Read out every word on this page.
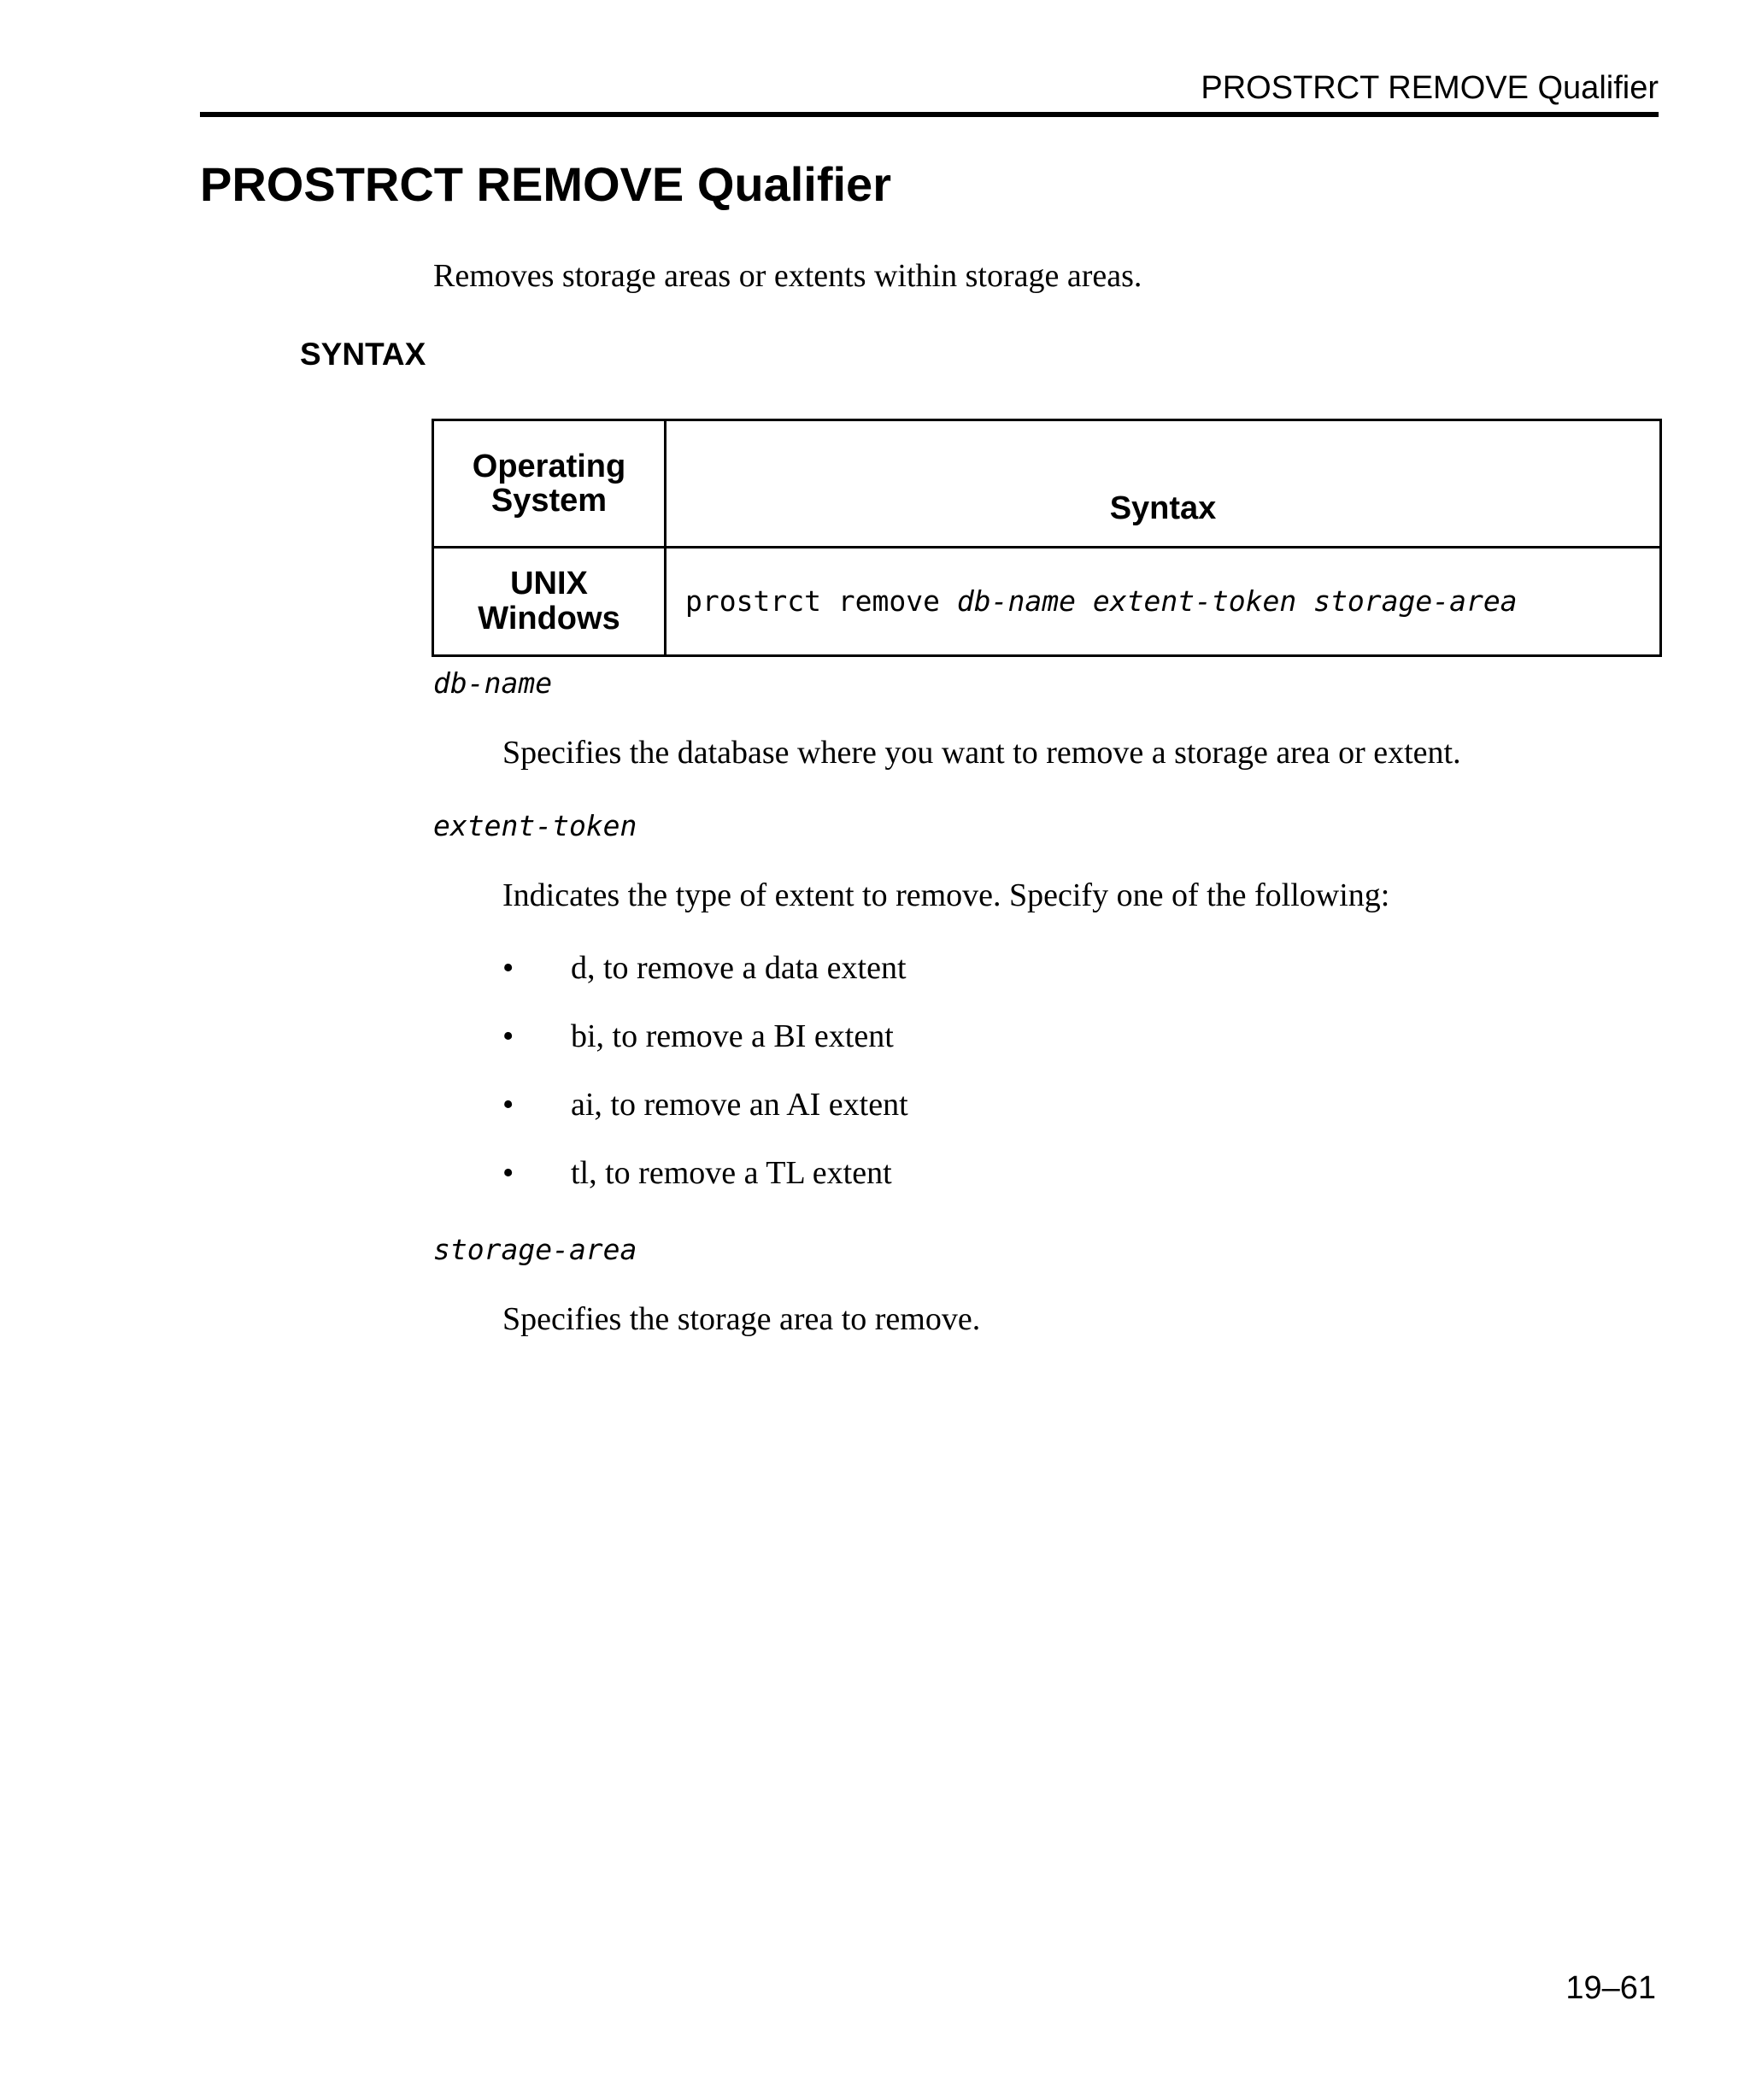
PROSTRCT REMOVE Qualifier
PROSTRCT REMOVE Qualifier
Removes storage areas or extents within storage areas.
SYNTAX
Operating
System	Syntax
UNIX
Windows	prostrct remove db-name extent-token storage-area
db-name
Specifies the database where you want to remove a storage area or extent.
extent-token
Indicates the type of extent to remove. Specify one of the following:
• d, to remove a data extent
• bi, to remove a BI extent
• ai, to remove an AI extent
• tl, to remove a TL extent
storage-area
Specifies the storage area to remove.
19–61
